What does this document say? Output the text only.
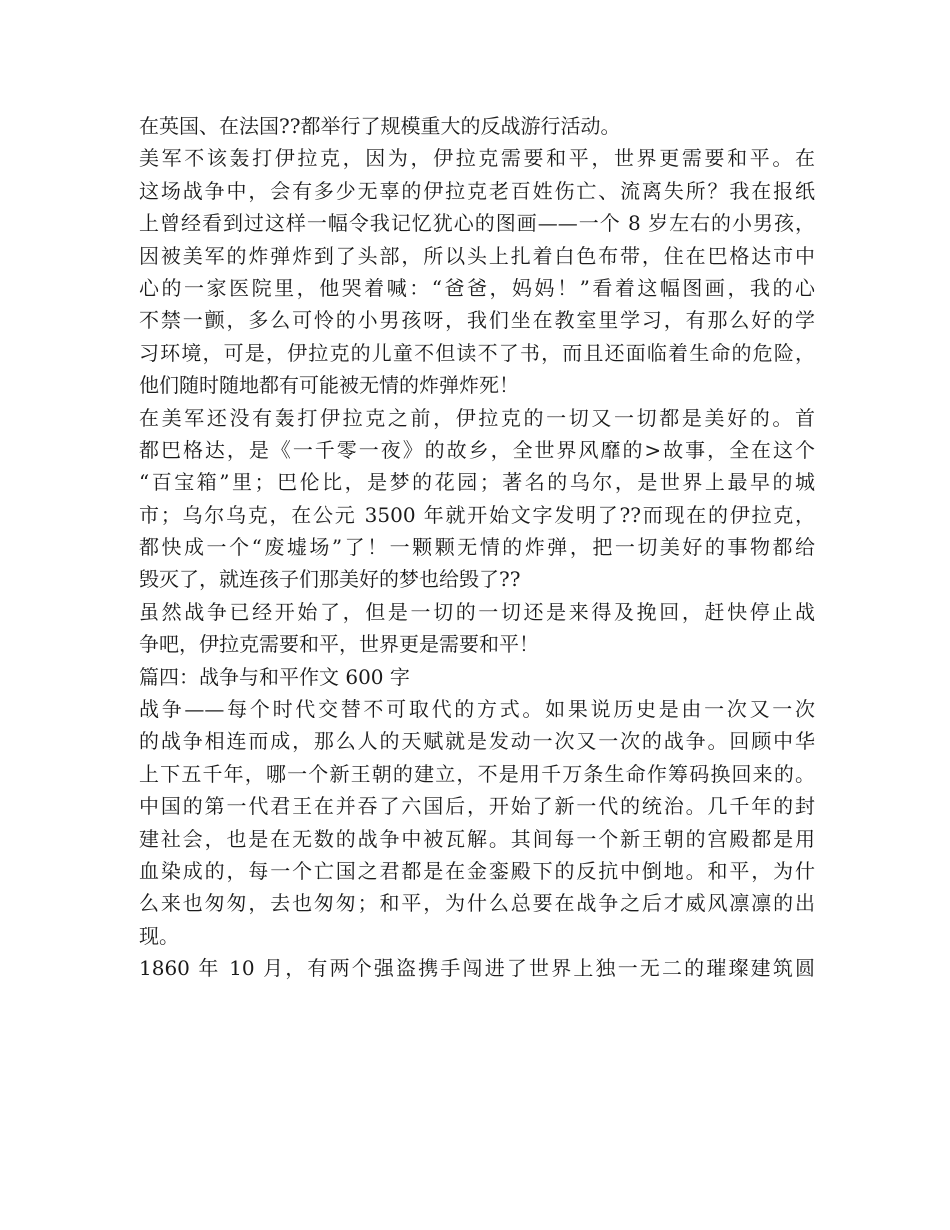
在英国、在法国??都举行了规模重大的反战游行活动。
美军不该轰打伊拉克，因为，伊拉克需要和平，世界更需要和平。在
这场战争中，会有多少无辜的伊拉克老百姓伤亡、流离失所？我在报纸
上曾经看到过这样一幅令我记忆犹心的图画——一个 8 岁左右的小男孩，
因被美军的炸弹炸到了头部，所以头上扎着白色布带，住在巴格达市中
心的一家医院里，他哭着喊：“爸爸，妈妈！”看着这幅图画，我的心
不禁一颤，多么可怜的小男孩呀，我们坐在教室里学习，有那么好的学
习环境，可是，伊拉克的儿童不但读不了书，而且还面临着生命的危险，
他们随时随地都有可能被无情的炸弹炸死！
在美军还没有轰打伊拉克之前，伊拉克的一切又一切都是美好的。首
都巴格达，是《一千零一夜》的故乡，全世界风靡的>故事，全在这个
“百宝箱”里；巴伦比，是梦的花园；著名的乌尔，是世界上最早的城
市；乌尔乌克，在公元 3500 年就开始文字发明了??而现在的伊拉克，
都快成一个“废墟场”了！一颗颗无情的炸弹，把一切美好的事物都给
毁灭了，就连孩子们那美好的梦也给毁了??
虽然战争已经开始了，但是一切的一切还是来得及挽回，赶快停止战
争吧，伊拉克需要和平，世界更是需要和平！
篇四：战争与和平作文 600 字
战争——每个时代交替不可取代的方式。如果说历史是由一次又一次
的战争相连而成，那么人的天赋就是发动一次又一次的战争。回顾中华
上下五千年，哪一个新王朝的建立，不是用千万条生命作筹码换回来的。
中国的第一代君王在并吞了六国后，开始了新一代的统治。几千年的封
建社会，也是在无数的战争中被瓦解。其间每一个新王朝的宫殿都是用
血染成的，每一个亡国之君都是在金銮殿下的反抗中倒地。和平，为什
么来也匆匆，去也匆匆；和平，为什么总要在战争之后才威风凛凛的出
现。
1860 年 10 月，有两个强盗携手闯进了世界上独一无二的璀璨建筑圆
